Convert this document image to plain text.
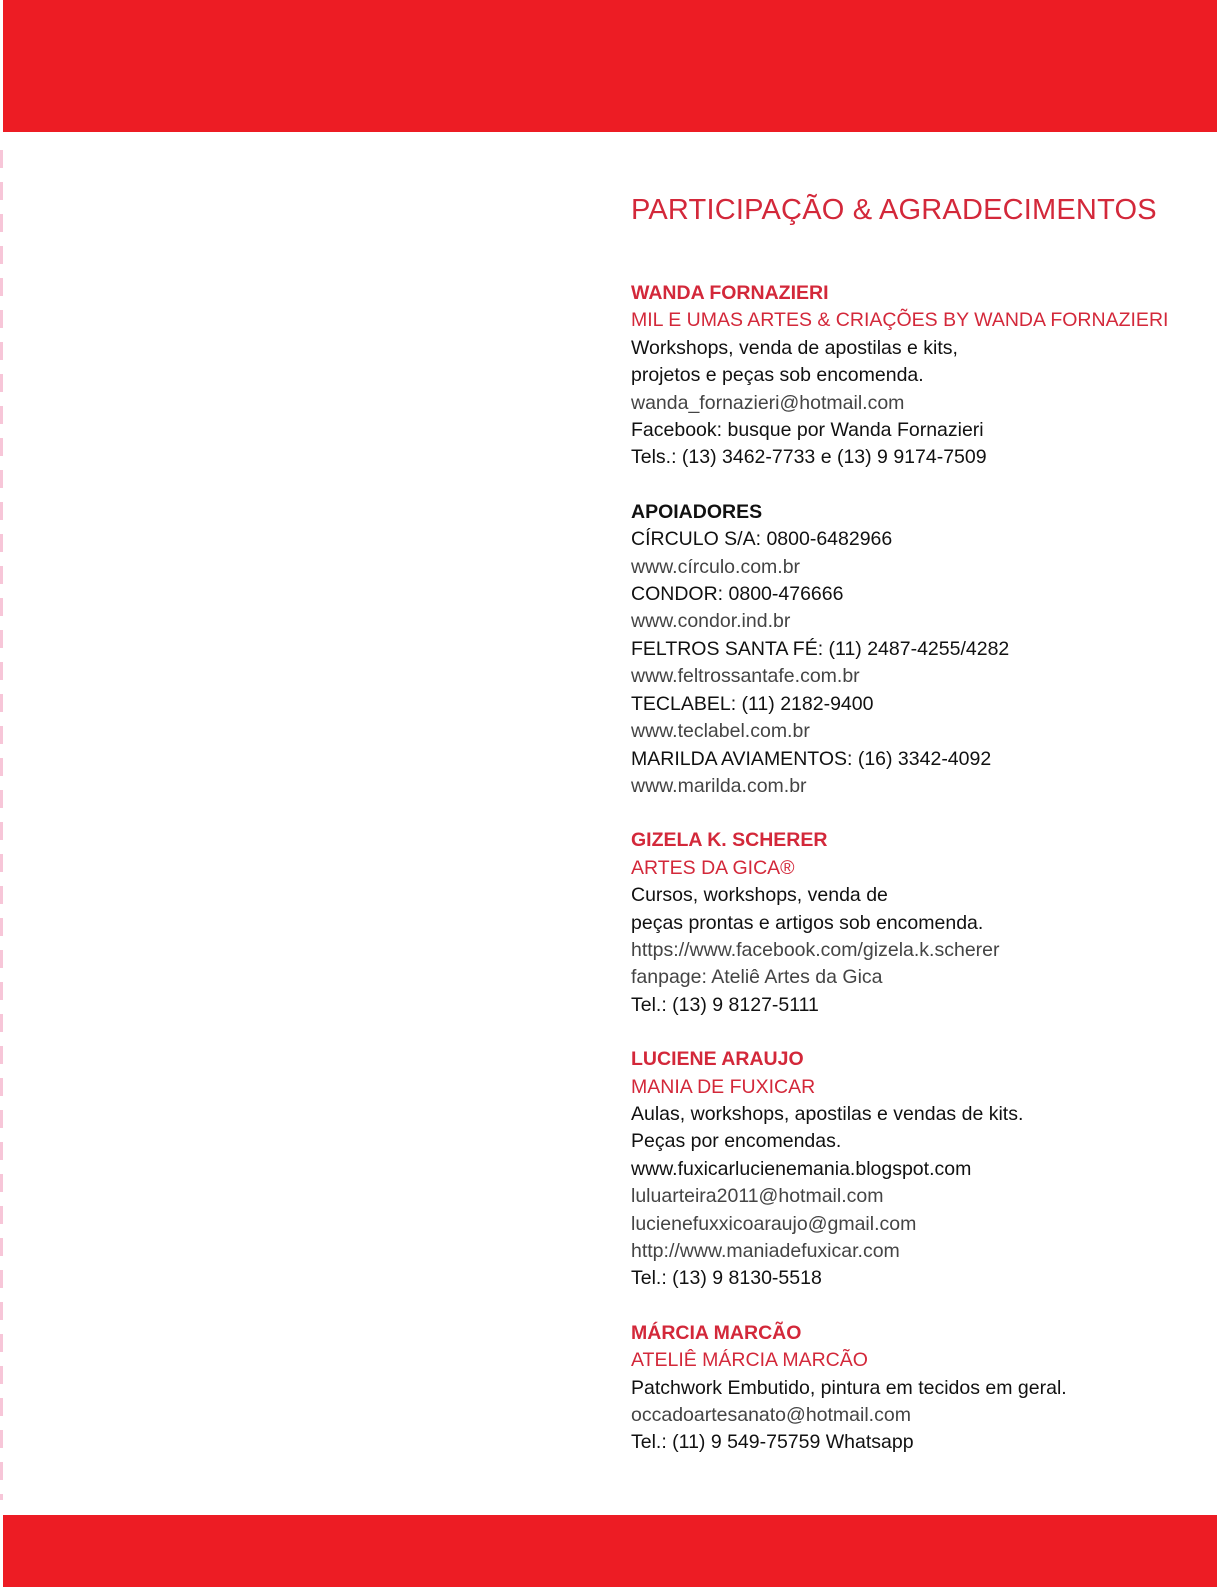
PARTICIPAÇÃO & AGRADECIMENTOS
WANDA FORNAZIERI
MIL E UMAS ARTES & CRIAÇÕES BY WANDA FORNAZIERI
Workshops, venda de apostilas e kits,
projetos e peças sob encomenda.
wanda_fornazieri@hotmail.com
Facebook: busque por Wanda Fornazieri
Tels.: (13) 3462-7733 e (13) 9 9174-7509
APOIADORES
CÍRCULO S/A: 0800-6482966
www.círculo.com.br
CONDOR: 0800-476666
www.condor.ind.br
FELTROS SANTA FÉ: (11) 2487-4255/4282
www.feltrossantafe.com.br
TECLABEL: (11) 2182-9400
www.teclabel.com.br
MARILDA AVIAMENTOS: (16) 3342-4092
www.marilda.com.br
GIZELA K. SCHERER
ARTES DA GICA®
Cursos, workshops, venda de
peças prontas e artigos sob encomenda.
https://www.facebook.com/gizela.k.scherer
fanpage: Ateliê Artes da Gica
Tel.: (13) 9 8127-5111
LUCIENE ARAUJO
MANIA DE FUXICAR
Aulas, workshops, apostilas e vendas de kits.
Peças por encomendas.
www.fuxicarlucienemania.blogspot.com
luluarteira2011@hotmail.com
lucienefuxxicoaraujo@gmail.com
http://www.maniadefuxicar.com
Tel.: (13) 9 8130-5518
MÁRCIA MARCÃO
ATELIÊ MÁRCIA MARCÃO
Patchwork Embutido, pintura em tecidos em geral.
occadoartesanato@hotmail.com
Tel.: (11) 9 549-75759 Whatsapp
